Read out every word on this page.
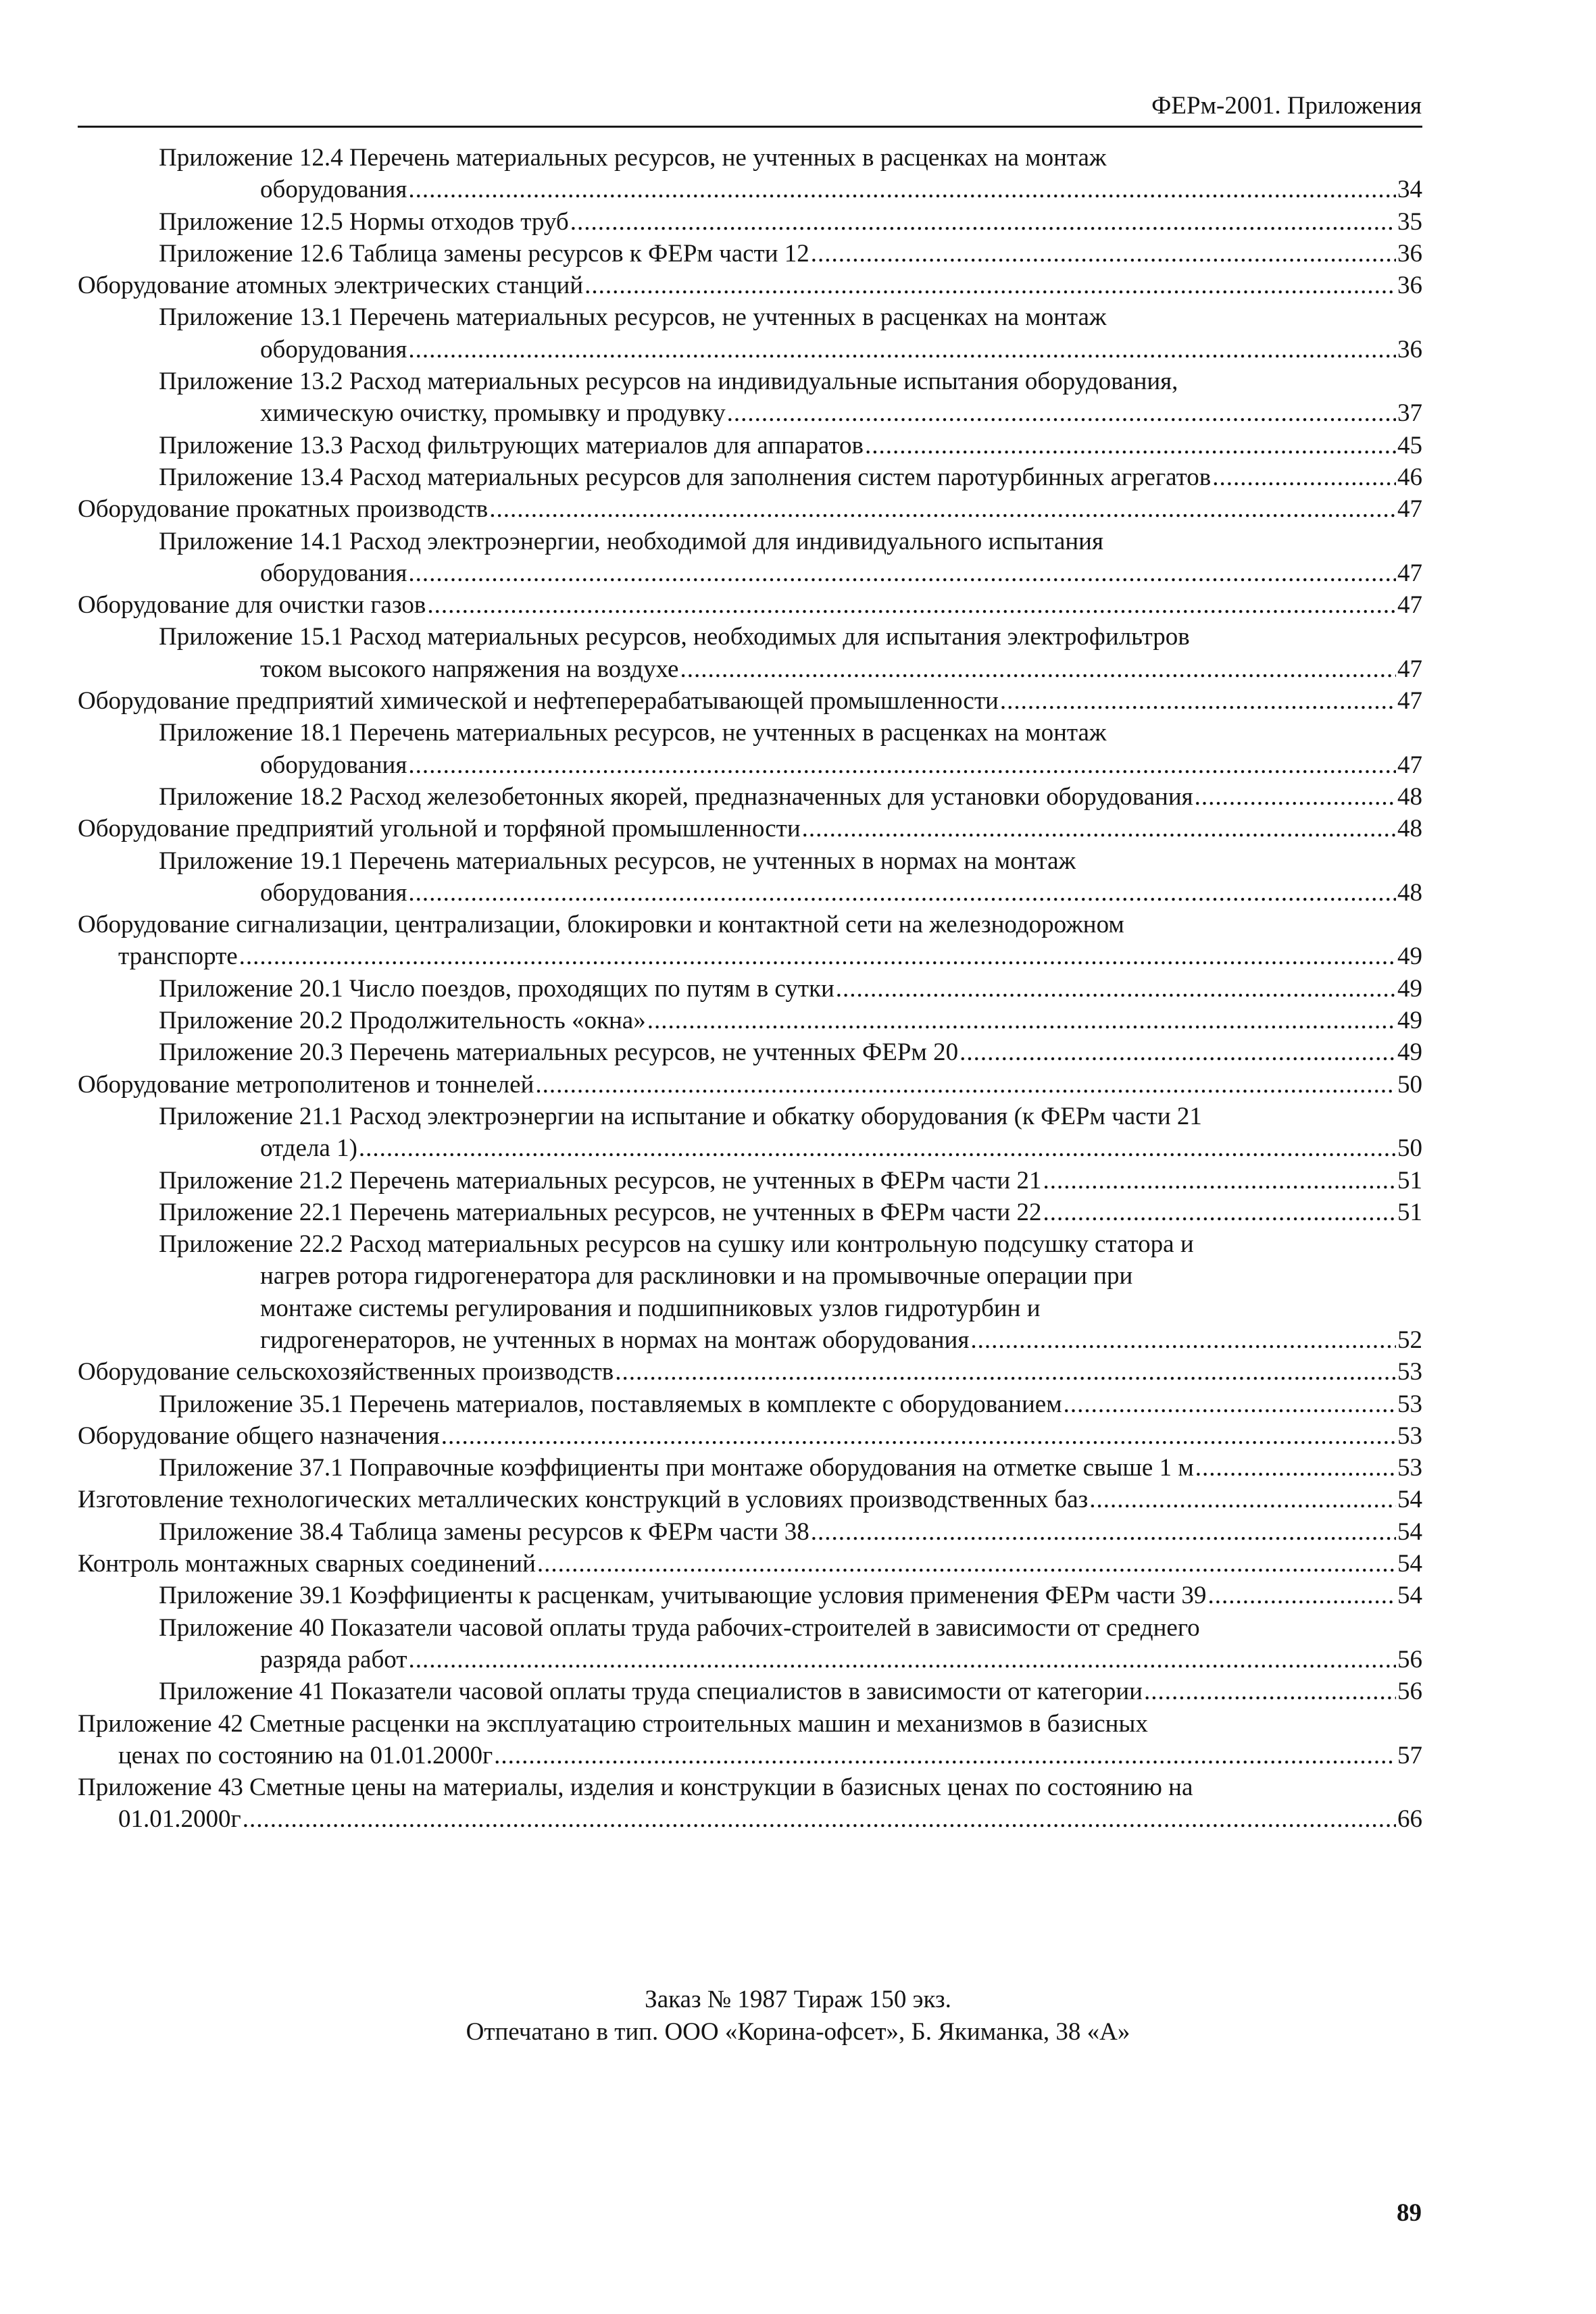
ФЕРм-2001. Приложения
Приложение 12.4 Перечень материальных ресурсов, не учтенных в расценках на монтаж
оборудования .....	34
Приложение 12.5 Нормы отходов труб .....	35
Приложение 12.6 Таблица замены ресурсов к ФЕРм части 12 .....	36
Оборудование атомных электрических станций .....	36
Приложение 13.1 Перечень материальных ресурсов, не учтенных в расценках на монтаж
оборудования .....	36
Приложение 13.2 Расход материальных ресурсов на индивидуальные испытания оборудования,
химическую очистку, промывку и продувку .....	37
Приложение 13.3 Расход фильтрующих материалов для аппаратов .....	45
Приложение 13.4 Расход материальных ресурсов для заполнения систем паротурбинных агрегатов .....	46
Оборудование прокатных производств .....	47
Приложение 14.1 Расход электроэнергии, необходимой для индивидуального испытания
оборудования .....	47
Оборудование для очистки газов .....	47
Приложение 15.1 Расход материальных ресурсов, необходимых для испытания электрофильтров
током высокого напряжения на воздухе .....	47
Оборудование предприятий химической и нефтеперерабатывающей промышленности .....	47
Приложение 18.1 Перечень материальных ресурсов, не учтенных в расценках на монтаж
оборудования .....	47
Приложение 18.2 Расход железобетонных якорей, предназначенных для установки оборудования .....	48
Оборудование предприятий угольной и торфяной промышленности .....	48
Приложение 19.1 Перечень материальных ресурсов, не учтенных в нормах на монтаж
оборудования .....	48
Оборудование сигнализации, централизации, блокировки и контактной сети на железнодорожном
транспорте .....	49
Приложение 20.1 Число поездов, проходящих по путям в сутки .....	49
Приложение 20.2 Продолжительность «окна» .....	49
Приложение 20.3 Перечень материальных ресурсов, не учтенных ФЕРм 20 .....	49
Оборудование метрополитенов и тоннелей .....	50
Приложение 21.1 Расход электроэнергии на испытание и обкатку оборудования (к ФЕРм части 21
отдела 1) .....	50
Приложение 21.2 Перечень материальных ресурсов, не учтенных в ФЕРм части 21 .....	51
Приложение 22.1 Перечень материальных ресурсов, не учтенных в ФЕРм части 22 .....	51
Приложение 22.2 Расход материальных ресурсов на сушку или контрольную подсушку статора и
нагрев ротора гидрогенератора для расклиновки и на промывочные операции при
монтаже системы регулирования и подшипниковых узлов гидротурбин и
гидрогенераторов, не учтенных в нормах на монтаж оборудования .....	52
Оборудование сельскохозяйственных производств .....	53
Приложение 35.1 Перечень материалов, поставляемых в комплекте с оборудованием .....	53
Оборудование общего назначения .....	53
Приложение 37.1 Поправочные коэффициенты при монтаже оборудования на отметке свыше 1 м .....	53
Изготовление технологических металлических конструкций в условиях производственных баз .....	54
Приложение 38.4 Таблица замены ресурсов к ФЕРм части 38 .....	54
Контроль монтажных сварных соединений .....	54
Приложение 39.1 Коэффициенты к расценкам, учитывающие условия применения ФЕРм части 39 .....	54
Приложение 40 Показатели часовой оплаты труда рабочих-строителей в зависимости от среднего
разряда работ .....	56
Приложение 41 Показатели часовой оплаты труда специалистов в зависимости от категории .....	56
Приложение 42 Сметные расценки на эксплуатацию строительных машин и механизмов в базисных
ценах по состоянию на 01.01.2000г .....	57
Приложение 43 Сметные цены на материалы, изделия и конструкции в базисных ценах по состоянию на
01.01.2000г .....	66
Заказ № 1987 Тираж 150 экз.
Отпечатано в тип. ООО «Корина-офсет», Б. Якиманка, 38 «А»
89
